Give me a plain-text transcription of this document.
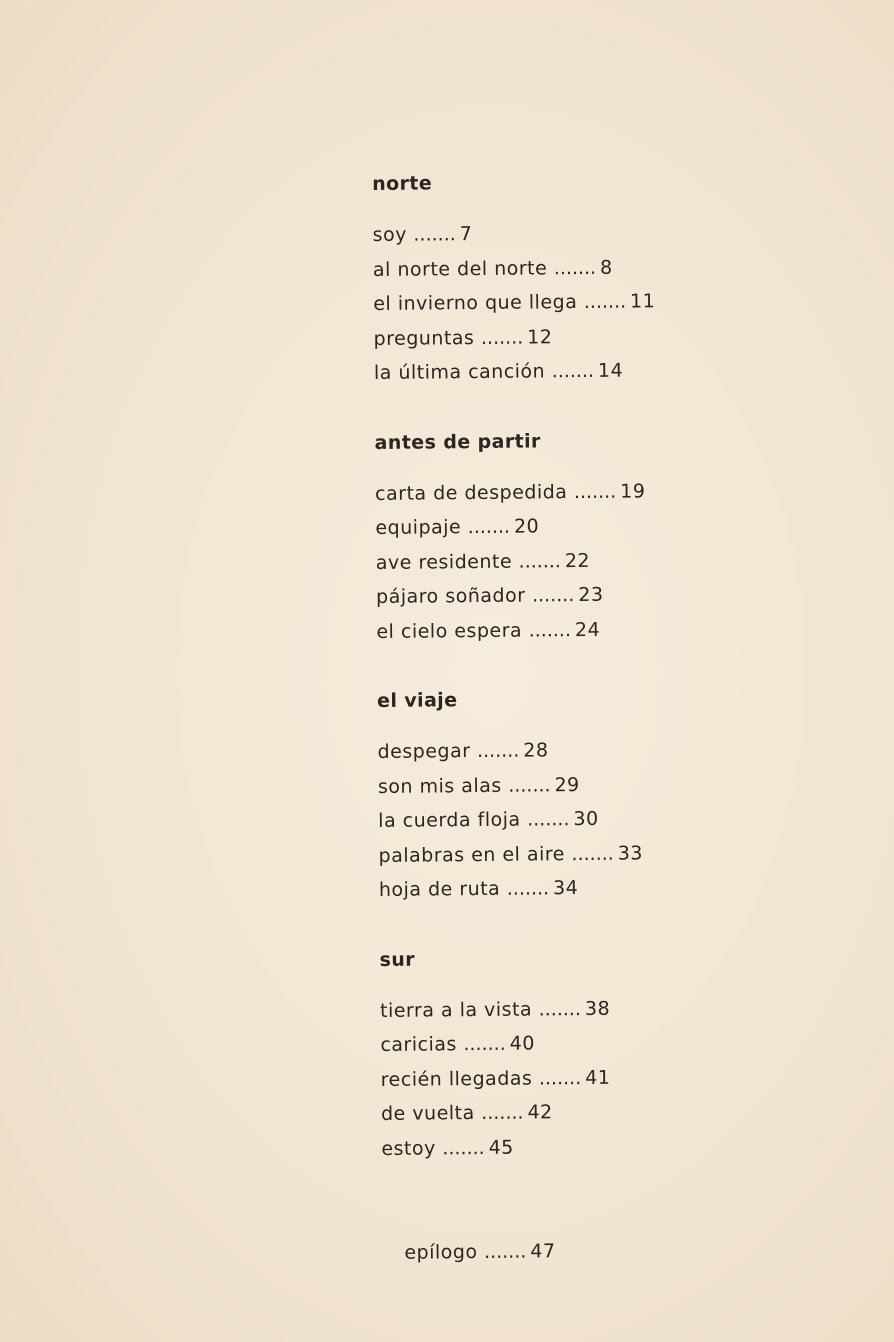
norte
soy ....... 7
al norte del norte ....... 8
el invierno que llega ....... 11
preguntas ....... 12
la última canción ....... 14
antes de partir
carta de despedida ....... 19
equipaje ....... 20
ave residente ....... 22
pájaro soñador ....... 23
el cielo espera ....... 24
el viaje
despegar ....... 28
son mis alas ....... 29
la cuerda floja ....... 30
palabras en el aire ....... 33
hoja de ruta ....... 34
sur
tierra a la vista ....... 38
caricias ....... 40
recién llegadas ....... 41
de vuelta ....... 42
estoy ....... 45
epílogo ....... 47
